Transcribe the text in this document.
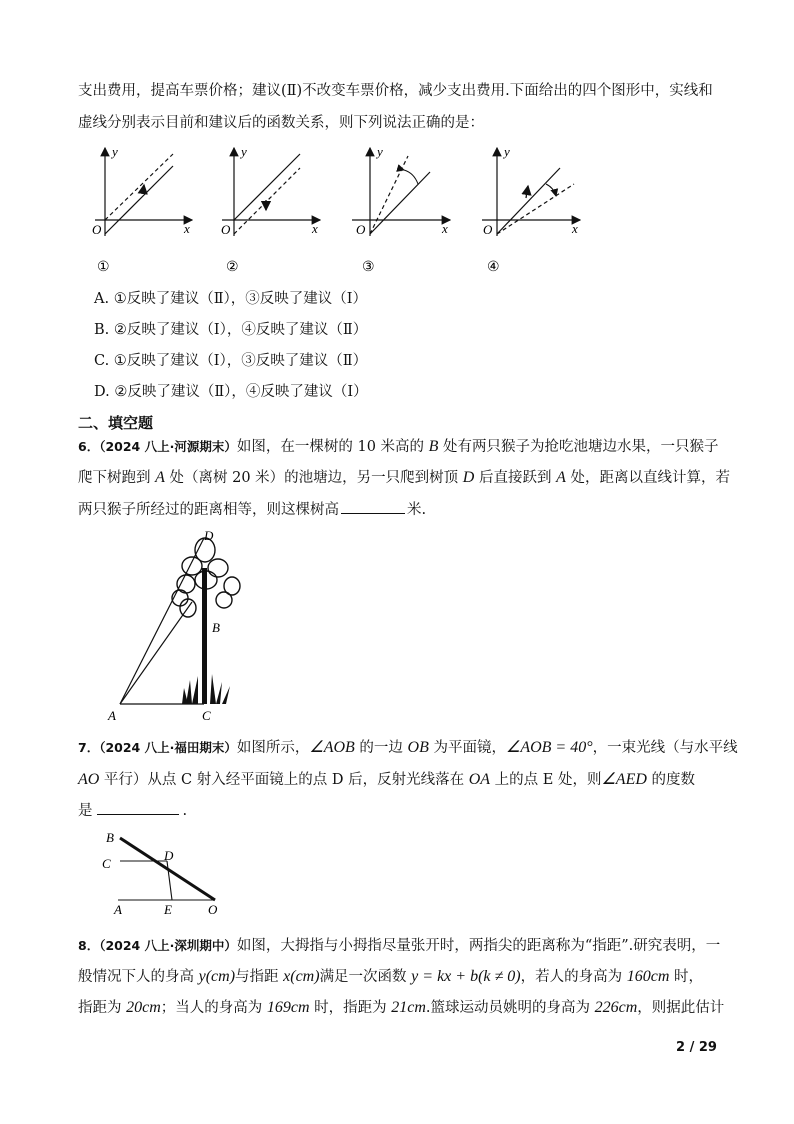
支出费用，提高车票价格；建议(Ⅱ)不改变车票价格，减少支出费用.下面给出的四个图形中，实线和
虚线分别表示目前和建议后的函数关系，则下列说法正确的是：
y
x
O
①
y
x
O
②
y
x
O
③
y
x
O
④
A. ①反映了建议（Ⅱ），③反映了建议（Ⅰ）
B. ②反映了建议（Ⅰ），④反映了建议（Ⅱ）
C. ①反映了建议（Ⅰ），③反映了建议（Ⅱ）
D. ②反映了建议（Ⅱ），④反映了建议（Ⅰ）
二、填空题
6．（2024 八上·河源期末）如图，在一棵树的 10 米高的 B 处有两只猴子为抢吃池塘边水果，一只猴子
爬下树跑到 A 处（离树 20 米）的池塘边，另一只爬到树顶 D 后直接跃到 A 处，距离以直线计算，若
两只猴子所经过的距离相等，则这棵树高	米.
D
B
A	C
7．（2024 八上·福田期末）如图所示，∠AOB 的一边 OB 为平面镜，∠AOB = 40°，一束光线（与水平线
AO 平行）从点 C 射入经平面镜上的点 D 后，反射光线落在 OA 上的点 E 处，则∠AED 的度数
是	.
B
C
D
A	E	O
8．（2024 八上·深圳期中）如图，大拇指与小拇指尽量张开时，两指尖的距离称为“指距”.研究表明，一
般情况下人的身高 y(cm)与指距 x(cm)满足一次函数 y = kx + b(k ≠ 0)，若人的身高为 160cm 时，
指距为 20cm；当人的身高为 169cm 时，指距为 21cm.篮球运动员姚明的身高为 226cm，则据此估计
2 / 29
